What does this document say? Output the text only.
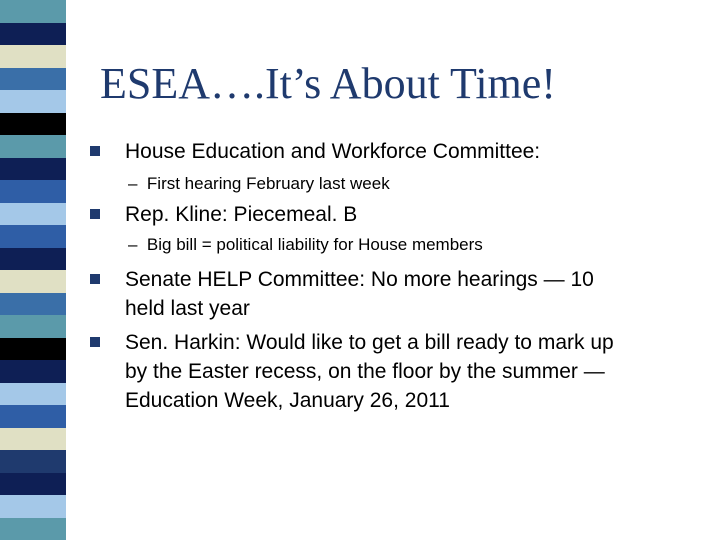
ESEA….It’s About Time!
House Education and Workforce Committee:
–  First hearing February last week
Rep. Kline: Piecemeal. B
–  Big bill = political liability for House members
Senate HELP Committee: No more hearings — 10
held last year
Sen. Harkin: Would like to get a bill ready to mark up
by the Easter recess, on the floor by the summer —
Education Week, January 26, 2011
